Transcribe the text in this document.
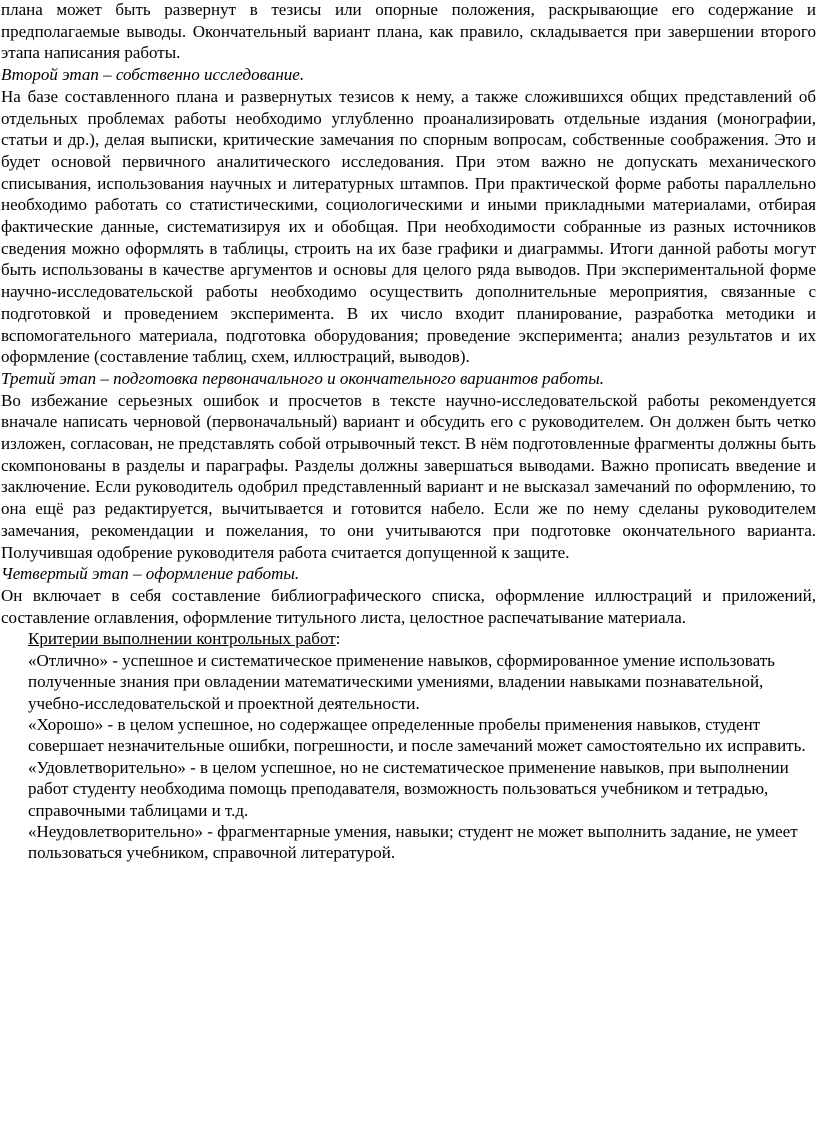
плана может быть развернут в тезисы или опорные положения, раскрывающие его содержание и предполагаемые выводы. Окончательный вариант плана, как правило, складывается при завершении второго этапа написания работы.

Второй этап – собственно исследование.

На базе составленного плана и развернутых тезисов к нему, а также сложившихся общих представлений об отдельных проблемах работы необходимо углубленно проанализировать отдельные издания (монографии, статьи и др.), делая выписки, критические замечания по спорным вопросам, собственные соображения. Это и будет основой первичного аналитического исследования. При этом важно не допускать механического списывания, использования научных и литературных штампов. При практической форме работы параллельно необходимо работать со статистическими, социологическими и иными прикладными материалами, отбирая фактические данные, систематизируя их и обобщая. При необходимости собранные из разных источников сведения можно оформлять в таблицы, строить на их базе графики и диаграммы. Итоги данной работы могут быть использованы в качестве аргументов и основы для целого ряда выводов. При экспериментальной форме научно-исследовательской работы необходимо осуществить дополнительные мероприятия, связанные с подготовкой и проведением эксперимента. В их число входит планирование, разработка методики и вспомогательного материала, подготовка оборудования; проведение эксперимента; анализ результатов и их оформление (составление таблиц, схем, иллюстраций, выводов).

Третий этап – подготовка первоначального и окончательного вариантов работы.

Во избежание серьезных ошибок и просчетов в тексте научно-исследовательской работы рекомендуется вначале написать черновой (первоначальный) вариант и обсудить его с руководителем. Он должен быть четко изложен, согласован, не представлять собой отрывочный текст. В нём подготовленные фрагменты должны быть скомпонованы в разделы и параграфы. Разделы должны завершаться выводами. Важно прописать введение и заключение. Если руководитель одобрил представленный вариант и не высказал замечаний по оформлению, то она ещё раз редактируется, вычитывается и готовится набело. Если же по нему сделаны руководителем замечания, рекомендации и пожелания, то они учитываются при подготовке окончательного варианта. Получившая одобрение руководителя работа считается допущенной к защите.

Четвертый этап – оформление работы.

Он включает в себя составление библиографического списка, оформление иллюстраций и приложений, составление оглавления, оформление титульного листа, целостное распечатывание материала.

Критерии выполнении контрольных работ:

«Отлично» - успешное и систематическое применение навыков, сформированное умение использовать полученные знания при овладении математическими умениями, владении навыками познавательной, учебно-исследовательской и проектной деятельности.

«Хорошо» - в целом успешное, но содержащее определенные пробелы применения навыков, студент совершает незначительные ошибки, погрешности, и после замечаний может самостоятельно их исправить.

«Удовлетворительно» - в целом успешное, но не систематическое применение навыков, при выполнении работ студенту необходима помощь преподавателя, возможность пользоваться учебником и тетрадью, справочными таблицами и т.д.

«Неудовлетворительно» - фрагментарные умения, навыки; студент не может выполнить задание, не умеет пользоваться учебником, справочной литературой.
